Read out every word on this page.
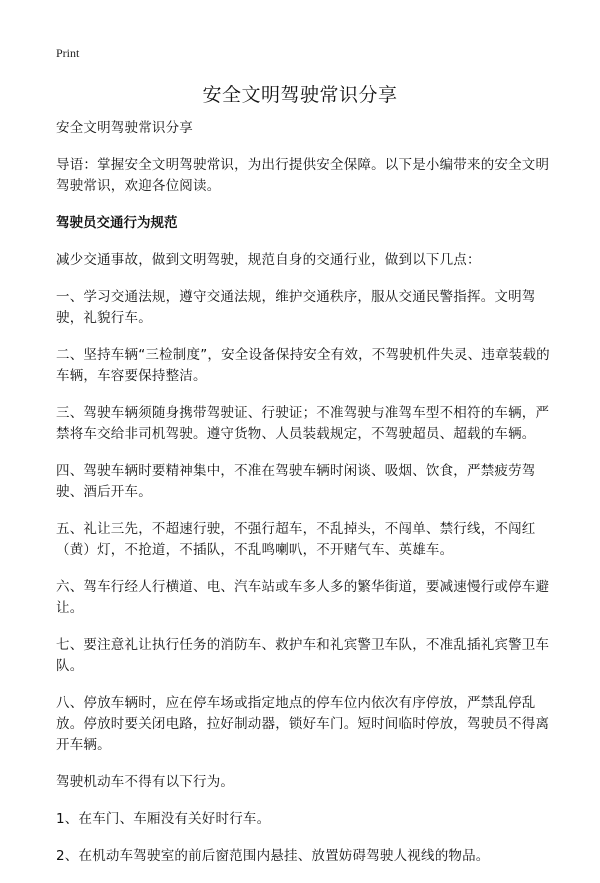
Print
安全文明驾驶常识分享

安全文明驾驶常识分享

导语：掌握安全文明驾驶常识，为出行提供安全保障。以下是小编带来的安全文明驾驶常识，欢迎各位阅读。

驾驶员交通行为规范

减少交通事故，做到文明驾驶，规范自身的交通行业，做到以下几点：

一、学习交通法规，遵守交通法规，维护交通秩序，服从交通民警指挥。文明驾驶，礼貌行车。

二、坚持车辆“三检制度”，安全设备保持安全有效，不驾驶机件失灵、违章装载的车辆，车容要保持整洁。

三、驾驶车辆须随身携带驾驶证、行驶证；不准驾驶与准驾车型不相符的车辆，严禁将车交给非司机驾驶。遵守货物、人员装载规定，不驾驶超员、超载的车辆。

四、驾驶车辆时要精神集中，不准在驾驶车辆时闲谈、吸烟、饮食，严禁疲劳驾驶、酒后开车。

五、礼让三先，不超速行驶，不强行超车，不乱掉头，不闯单、禁行线，不闯红（黄）灯，不抢道，不插队，不乱鸣喇叭，不开赌气车、英雄车。

六、驾车行经人行横道、电、汽车站或车多人多的繁华街道，要减速慢行或停车避让。

七、要注意礼让执行任务的消防车、救护车和礼宾警卫车队，不准乱插礼宾警卫车队。

八、停放车辆时，应在停车场或指定地点的停车位内依次有序停放，严禁乱停乱放。停放时要关闭电路，拉好制动器，锁好车门。短时间临时停放，驾驶员不得离开车辆。

驾驶机动车不得有以下行为。

1、在车门、车厢没有关好时行车。

2、在机动车驾驶室的前后窗范围内悬挂、放置妨碍驾驶人视线的物品。
